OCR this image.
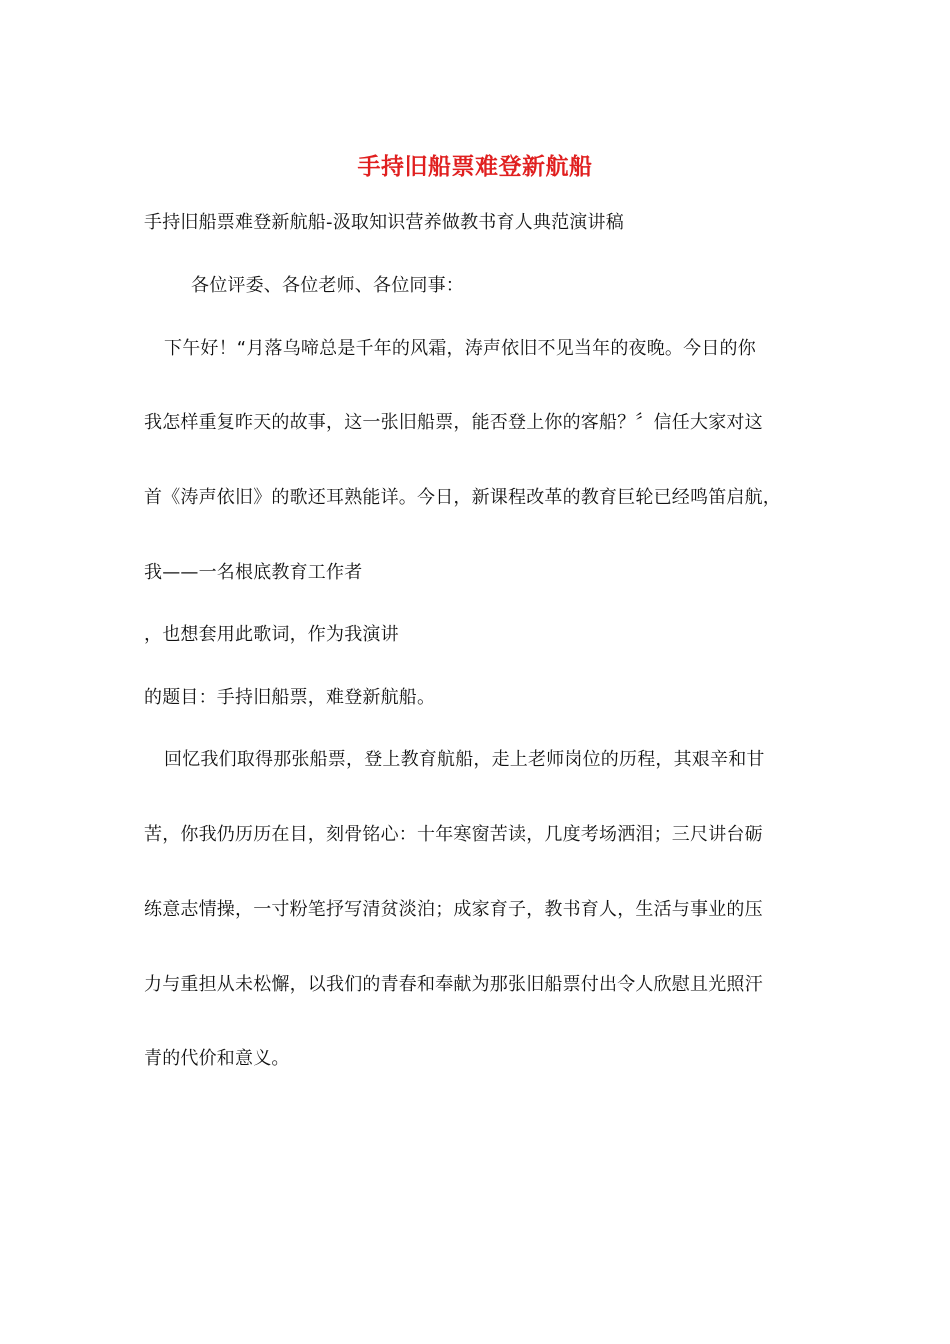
手持旧船票难登新航船
手持旧船票难登新航船-汲取知识营养做教书育人典范演讲稿
各位评委、各位老师、各位同事：
下午好！“月落乌啼总是千年的风霜，涛声依旧不见当年的夜晚。今日的你
我怎样重复昨天的故事，这一张旧船票，能否登上你的客船？〞信任大家对这
首《涛声依旧》的歌还耳熟能详。今日，新课程改革的教育巨轮已经鸣笛启航，
我——一名根底教育工作者
，也想套用此歌词，作为我演讲
的题目：手持旧船票，难登新航船。
回忆我们取得那张船票，登上教育航船，走上老师岗位的历程，其艰辛和甘
苦，你我仍历历在目，刻骨铭心：十年寒窗苦读，几度考场洒泪；三尺讲台砺
练意志情操，一寸粉笔抒写清贫淡泊；成家育子，教书育人，生活与事业的压
力与重担从未松懈，以我们的青春和奉献为那张旧船票付出令人欣慰且光照汗
青的代价和意义。
